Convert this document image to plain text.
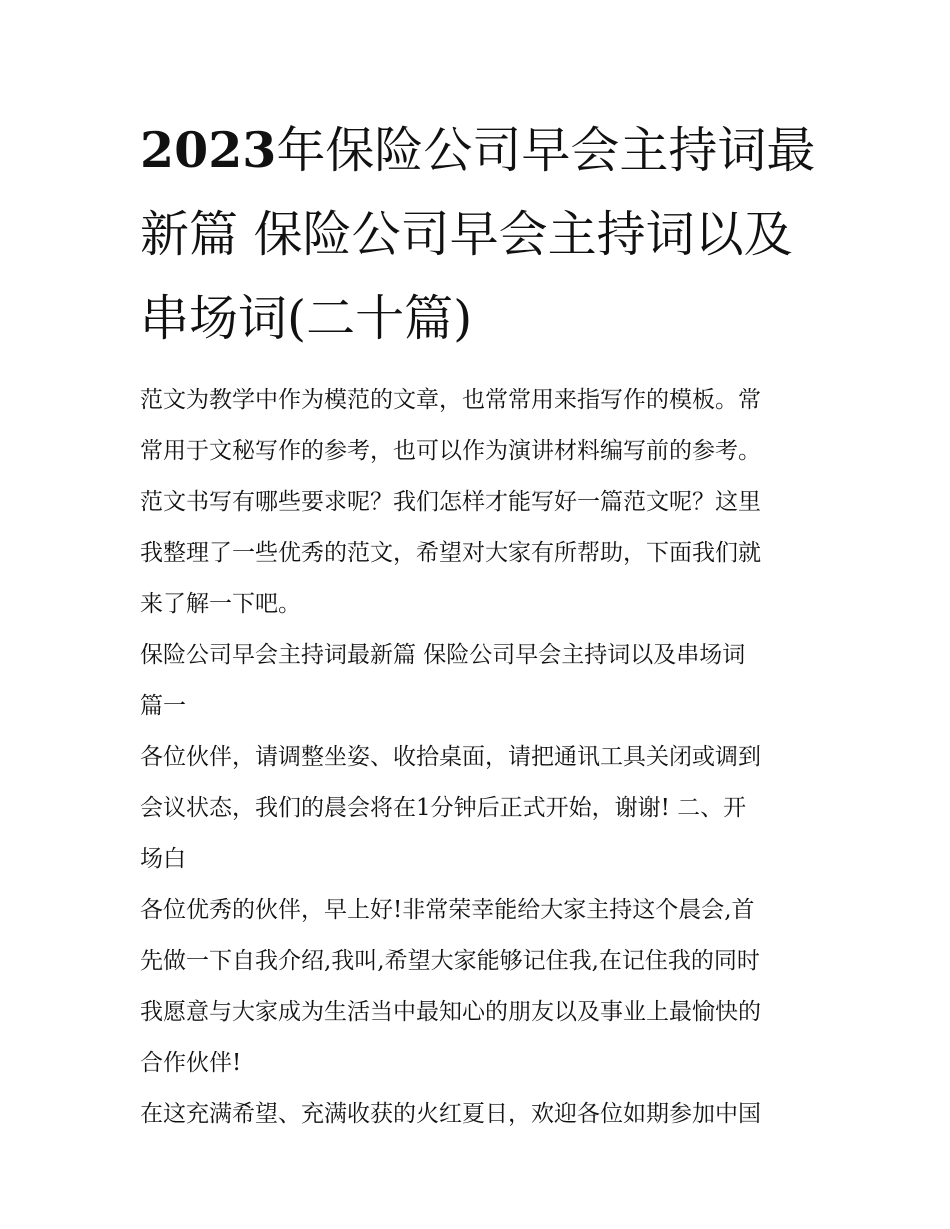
2023年保险公司早会主持词最
新篇 保险公司早会主持词以及
串场词(二十篇)

范文为教学中作为模范的文章，也常常用来指写作的模板。常
常用于文秘写作的参考，也可以作为演讲材料编写前的参考。
范文书写有哪些要求呢？我们怎样才能写好一篇范文呢？这里
我整理了一些优秀的范文，希望对大家有所帮助，下面我们就
来了解一下吧。

保险公司早会主持词最新篇 保险公司早会主持词以及串场词
篇一

各位伙伴，请调整坐姿、收拾桌面，请把通讯工具关闭或调到
会议状态，我们的晨会将在1分钟后正式开始，谢谢! 二、开
场白

各位优秀的伙伴，早上好!非常荣幸能给大家主持这个晨会,首
先做一下自我介绍,我叫,希望大家能够记住我,在记住我的同时
我愿意与大家成为生活当中最知心的朋友以及事业上最愉快的
合作伙伴!

在这充满希望、充满收获的火红夏日，欢迎各位如期参加中国
